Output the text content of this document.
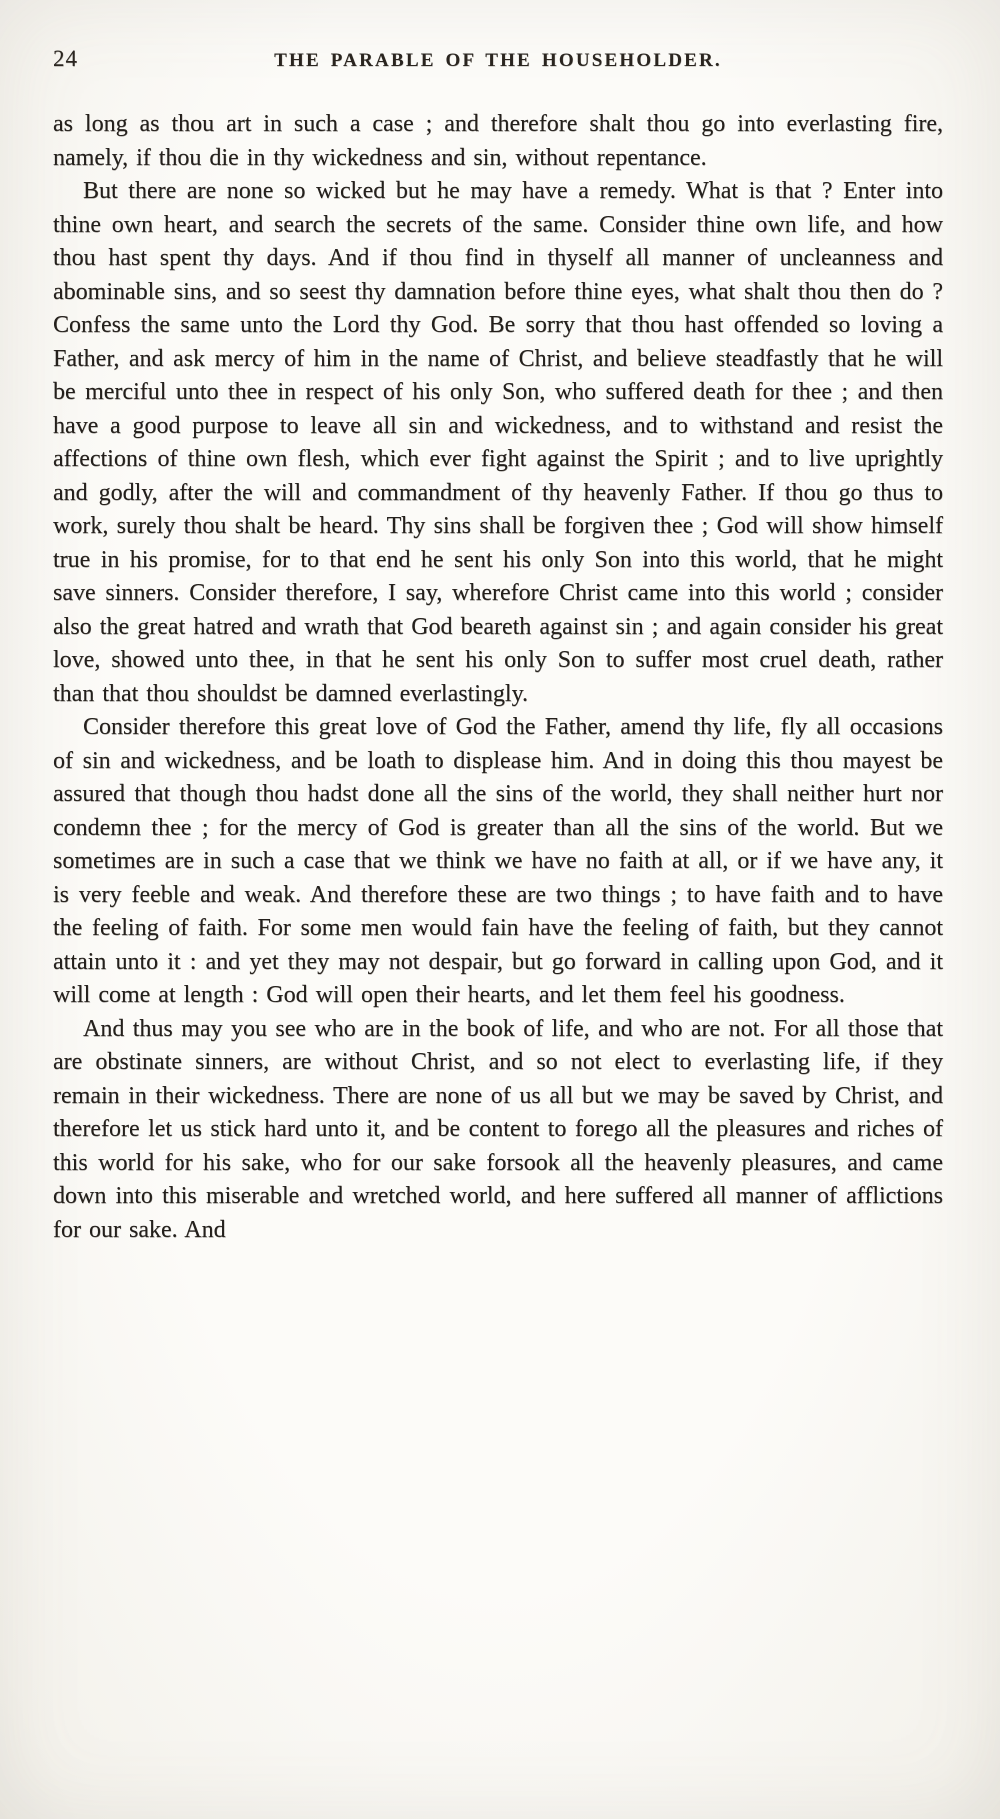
24	THE PARABLE OF THE HOUSEHOLDER.

as long as thou art in such a case ; and therefore shalt thou go into everlasting fire, namely, if thou die in thy wickedness and sin, without repentance.

But there are none so wicked but he may have a remedy. What is that ? Enter into thine own heart, and search the secrets of the same. Consider thine own life, and how thou hast spent thy days. And if thou find in thyself all manner of uncleanness and abominable sins, and so seest thy damnation before thine eyes, what shalt thou then do ? Confess the same unto the Lord thy God. Be sorry that thou hast offended so loving a Father, and ask mercy of him in the name of Christ, and believe steadfastly that he will be merciful unto thee in respect of his only Son, who suffered death for thee ; and then have a good purpose to leave all sin and wickedness, and to withstand and resist the affections of thine own flesh, which ever fight against the Spirit ; and to live uprightly and godly, after the will and commandment of thy heavenly Father. If thou go thus to work, surely thou shalt be heard. Thy sins shall be forgiven thee ; God will show himself true in his promise, for to that end he sent his only Son into this world, that he might save sinners. Consider therefore, I say, wherefore Christ came into this world ; consider also the great hatred and wrath that God beareth against sin ; and again consider his great love, showed unto thee, in that he sent his only Son to suffer most cruel death, rather than that thou shouldst be damned everlastingly.

Consider therefore this great love of God the Father, amend thy life, fly all occasions of sin and wickedness, and be loath to displease him. And in doing this thou mayest be assured that though thou hadst done all the sins of the world, they shall neither hurt nor condemn thee ; for the mercy of God is greater than all the sins of the world. But we sometimes are in such a case that we think we have no faith at all, or if we have any, it is very feeble and weak. And therefore these are two things ; to have faith and to have the feeling of faith. For some men would fain have the feeling of faith, but they cannot attain unto it : and yet they may not despair, but go forward in calling upon God, and it will come at length : God will open their hearts, and let them feel his goodness.

And thus may you see who are in the book of life, and who are not. For all those that are obstinate sinners, are without Christ, and so not elect to everlasting life, if they remain in their wickedness. There are none of us all but we may be saved by Christ, and therefore let us stick hard unto it, and be content to forego all the pleasures and riches of this world for his sake, who for our sake forsook all the heavenly pleasures, and came down into this miserable and wretched world, and here suffered all manner of afflictions for our sake. And
